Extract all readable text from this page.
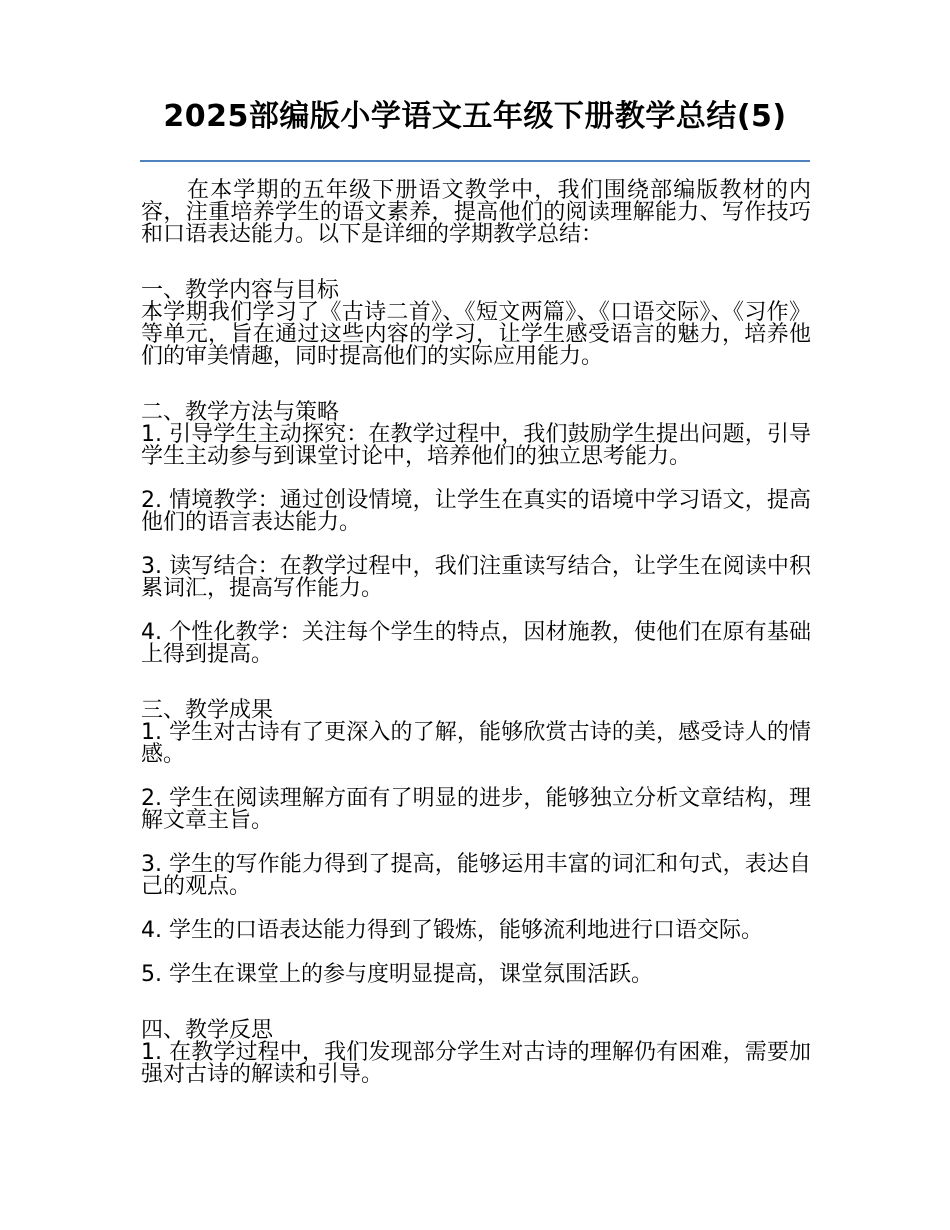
2025部编版小学语文五年级下册教学总结(5)

在本学期的五年级下册语文教学中，我们围绕部编版教材的内容，注重培养学生的语文素养，提高他们的阅读理解能力、写作技巧和口语表达能力。以下是详细的学期教学总结：

一、教学内容与目标

本学期我们学习了《古诗二首》、《短文两篇》、《口语交际》、《习作》等单元，旨在通过这些内容的学习，让学生感受语言的魅力，培养他们的审美情趣，同时提高他们的实际应用能力。

二、教学方法与策略

1. 引导学生主动探究：在教学过程中，我们鼓励学生提出问题，引导学生主动参与到课堂讨论中，培养他们的独立思考能力。

2. 情境教学：通过创设情境，让学生在真实的语境中学习语文，提高他们的语言表达能力。

3. 读写结合：在教学过程中，我们注重读写结合，让学生在阅读中积累词汇，提高写作能力。

4. 个性化教学：关注每个学生的特点，因材施教，使他们在原有基础上得到提高。

三、教学成果

1. 学生对古诗有了更深入的了解，能够欣赏古诗的美，感受诗人的情感。

2. 学生在阅读理解方面有了明显的进步，能够独立分析文章结构，理解文章主旨。

3. 学生的写作能力得到了提高，能够运用丰富的词汇和句式，表达自己的观点。

4. 学生的口语表达能力得到了锻炼，能够流利地进行口语交际。

5. 学生在课堂上的参与度明显提高，课堂氛围活跃。

四、教学反思

1. 在教学过程中，我们发现部分学生对古诗的理解仍有困难，需要加强对古诗的解读和引导。
